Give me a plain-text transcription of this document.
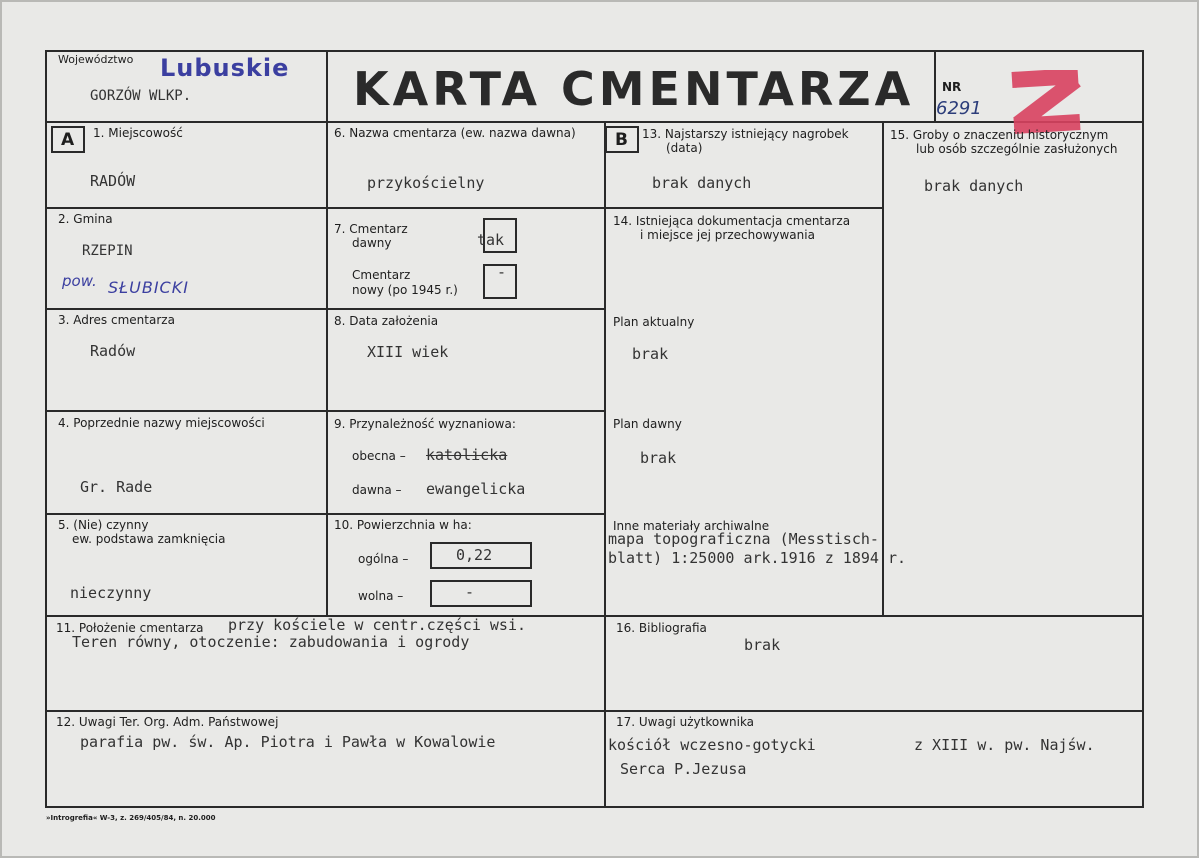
Województwo Lubuskie
GORZÓW WLKP.	KARTA CMENTARZA NR
6291
A	B
1. Miejscowość
RADÓW
2. Gmina
RZEPIN
pow. SŁUBICKI
3. Adres cmentarza
Radów
4. Poprzednie nazwy miejscowości
Gr. Rade
5. (Nie) czynny
ew. podstawa zamknięcia
nieczynny
6. Nazwa cmentarza (ew. nazwa dawna)
przykościelny
7. Cmentarz
dawny	tak
Cmentarz
nowy (po 1945 r.)
-
8. Data założenia
XIII wiek
9. Przynależność wyznaniowa:
obecna – katolicka
dawna – ewangelicka
10. Powierzchnia w ha:
ogólna –	0,22
wolna –	-
13. Najstarszy istniejący nagrobek
(data)
brak danych
14. Istniejąca dokumentacja cmentarza
i miejsce jej przechowywania
Plan aktualny
brak
Plan dawny
brak
Inne materiały archiwalne
mapa topograficzna (Messtisch-
blatt) 1:25000 ark.1916 z 1894 r.
15. Groby o znaczeniu historycznym
lub osób szczególnie zasłużonych
brak danych
11. Położenie cmentarza przy kościele w centr.części wsi.
Teren równy, otoczenie: zabudowania i ogrody
16. Bibliografia
brak
12. Uwagi Ter. Org. Adm. Państwowej
parafia pw. św. Ap. Piotra i Pawła w Kowalowie
17. Uwagi użytkownika
kościół wczesno-gotycki	z XIII w. pw. Najśw.
Serca P.Jezusa
»Introgrefia« W-3, z. 269/405/84, n. 20.000
